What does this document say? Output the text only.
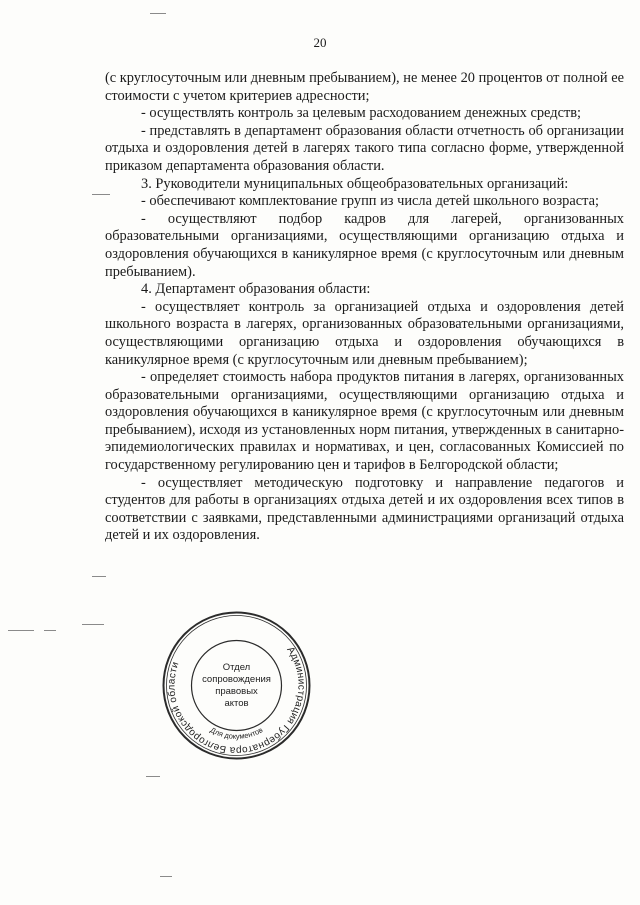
20

(с круглосуточным или дневным пребыванием), не менее 20 процентов от полной ее стоимости с учетом критериев адресности;

- осуществлять контроль за целевым расходованием денежных средств;

- представлять в департамент образования области отчетность об организации отдыха и оздоровления детей в лагерях такого типа согласно форме, утвержденной приказом департамента образования области.

3. Руководители муниципальных общеобразовательных организаций:

- обеспечивают комплектование групп из числа детей школьного возраста;

- осуществляют подбор кадров для лагерей, организованных образовательными организациями, осуществляющими организацию отдыха и оздоровления обучающихся в каникулярное время (с круглосуточным или дневным пребыванием).

4. Департамент образования области:

- осуществляет контроль за организацией отдыха и оздоровления детей школьного возраста в лагерях, организованных образовательными организациями, осуществляющими организацию отдыха и оздоровления обучающихся в каникулярное время (с круглосуточным или дневным пребыванием);

- определяет стоимость набора продуктов питания в лагерях, организованных образовательными организациями, осуществляющими организацию отдыха и оздоровления обучающихся в каникулярное время (с круглосуточным или дневным пребыванием), исходя из установленных норм питания, утвержденных в санитарно-эпидемиологических правилах и нормативах, и цен, согласованных Комиссией по государственному регулированию цен и тарифов в Белгородской области;

- осуществляет методическую подготовку и направление педагогов и студентов для работы в организациях отдыха детей и их оздоровления всех типов в соответствии с заявками, представленными администрациями организаций отдыха детей и их оздоровления.

Администрация Губернатора Белгородской области
Для документов
Отдел
сопровождения
правовых
актов
